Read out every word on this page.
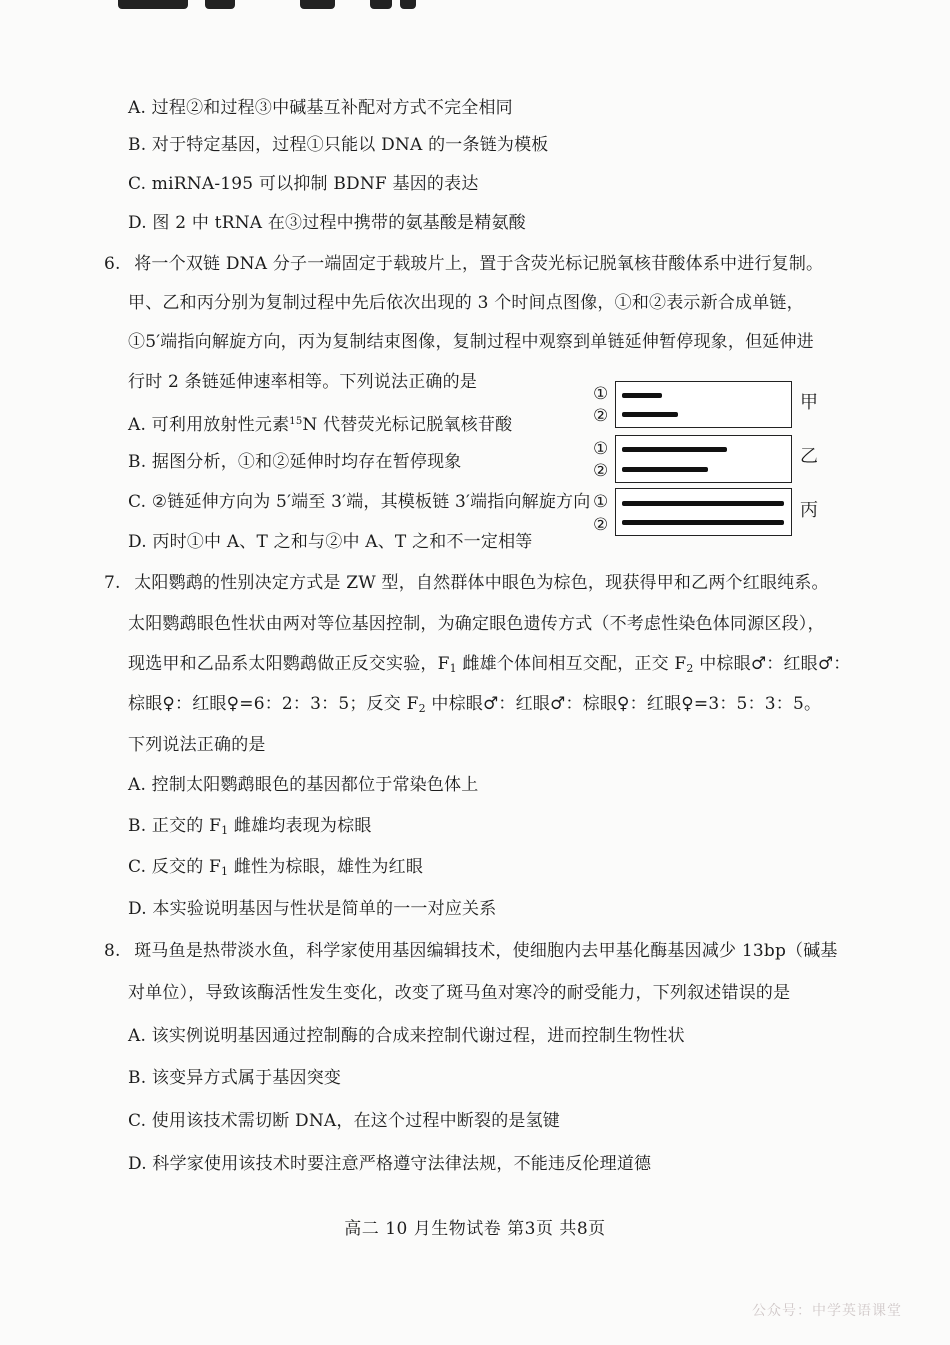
A. 过程②和过程③中碱基互补配对方式不完全相同
B. 对于特定基因，过程①只能以 DNA 的一条链为模板
C. miRNA-195 可以抑制 BDNF 基因的表达
D. 图 2 中 tRNA 在③过程中携带的氨基酸是精氨酸
6. 将一个双链 DNA 分子一端固定于载玻片上，置于含荧光标记脱氧核苷酸体系中进行复制。
甲、乙和丙分别为复制过程中先后依次出现的 3 个时间点图像，①和②表示新合成单链，
①5′端指向解旋方向，丙为复制结束图像，复制过程中观察到单链延伸暂停现象，但延伸进
行时 2 条链延伸速率相等。下列说法正确的是
A. 可利用放射性元素$^{15}$N 代替荧光标记脱氧核苷酸
B. 据图分析，①和②延伸时均存在暂停现象
C. ②链延伸方向为 5′端至 3′端，其模板链 3′端指向解旋方向
D. 丙时①中 A、T 之和与②中 A、T 之和不一定相等
①
②
甲
①
②
乙
①
②
丙
7. 太阳鹦鹉的性别决定方式是 ZW 型，自然群体中眼色为棕色，现获得甲和乙两个红眼纯系。
太阳鹦鹉眼色性状由两对等位基因控制，为确定眼色遗传方式（不考虑性染色体同源区段），
现选甲和乙品系太阳鹦鹉做正反交实验，$F_1$ 雌雄个体间相互交配，正交 $F_2$ 中棕眼♂：红眼♂：
棕眼♀：红眼♀=6：2：3：5；反交 $F_2$ 中棕眼♂：红眼♂：棕眼♀：红眼♀=3：5：3：5。
下列说法正确的是
A. 控制太阳鹦鹉眼色的基因都位于常染色体上
B. 正交的 $F_1$ 雌雄均表现为棕眼
C. 反交的 $F_1$ 雌性为棕眼，雄性为红眼
D. 本实验说明基因与性状是简单的一一对应关系
8. 斑马鱼是热带淡水鱼，科学家使用基因编辑技术，使细胞内去甲基化酶基因减少 13bp（碱基
对单位），导致该酶活性发生变化，改变了斑马鱼对寒冷的耐受能力，下列叙述错误的是
A. 该实例说明基因通过控制酶的合成来控制代谢过程，进而控制生物性状
B. 该变异方式属于基因突变
C. 使用该技术需切断 DNA，在这个过程中断裂的是氢键
D. 科学家使用该技术时要注意严格遵守法律法规，不能违反伦理道德
高二 10 月生物试卷 第3页 共8页
公众号：中学英语课堂
